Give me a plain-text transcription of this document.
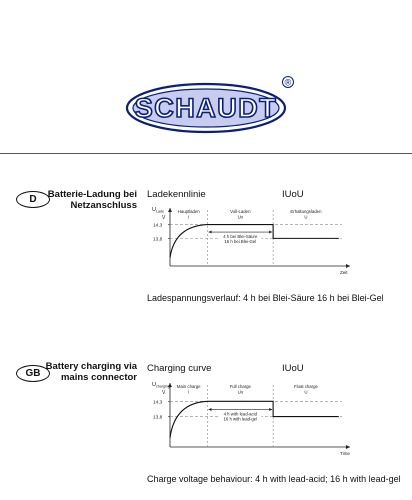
SCHAUDT
®
D Batterie-Ladung bei
Netzanschluss
Ladekennlinie	IUoU
$U_{Lade}$
V
Zeit
14,3
13,8
Hauptladen
I
Voll-Laden
Uo
Erhaltungsladen
U
4 h bei Blei-Säure
16 h bei Blei-Gel
Ladespannungsverlauf: 4 h bei Blei-Säure 16 h bei Blei-Gel
GB
Battery charging via
mains connector
Charging curve	IUoU
$U_{charging}$
V
Time
14,3
13,8
Main charge
I
Full charge
Uo
Float charge
U
4 h with lead-acid
16 h with lead-gel
Charge voltage behaviour: 4 h with lead-acid; 16 h with lead-gel
